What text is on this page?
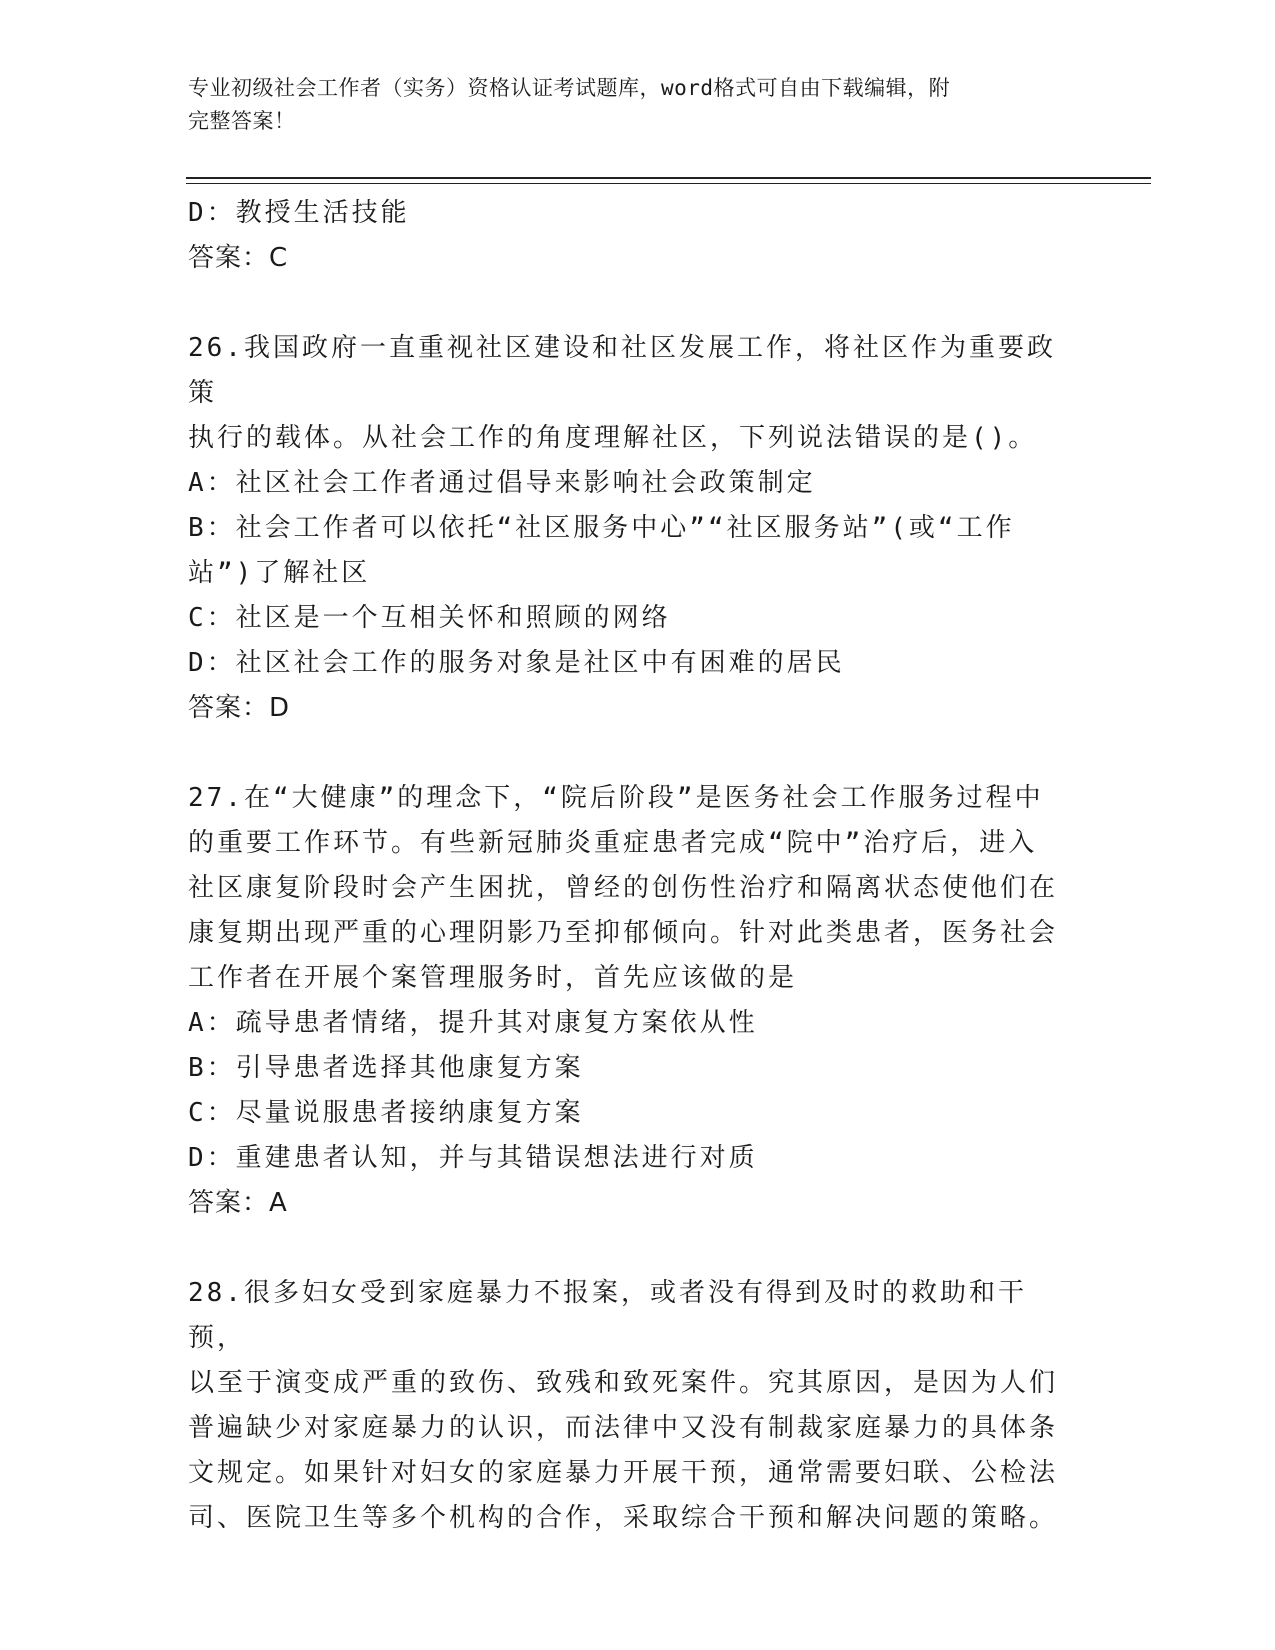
专业初级社会工作者（实务）资格认证考试题库，word格式可自由下载编辑，附
完整答案！
D：教授生活技能
答案：C
26.我国政府一直重视社区建设和社区发展工作，将社区作为重要政策
执行的载体。从社会工作的角度理解社区，下列说法错误的是()。
A：社区社会工作者通过倡导来影响社会政策制定
B：社会工作者可以依托“社区服务中心”“社区服务站”(或“工作
站”)了解社区
C：社区是一个互相关怀和照顾的网络
D：社区社会工作的服务对象是社区中有困难的居民
答案：D
27.在“大健康”的理念下，“院后阶段”是医务社会工作服务过程中
的重要工作环节。有些新冠肺炎重症患者完成“院中”治疗后，进入
社区康复阶段时会产生困扰，曾经的创伤性治疗和隔离状态使他们在
康复期出现严重的心理阴影乃至抑郁倾向。针对此类患者，医务社会
工作者在开展个案管理服务时，首先应该做的是
A：疏导患者情绪，提升其对康复方案依从性
B：引导患者选择其他康复方案
C：尽量说服患者接纳康复方案
D：重建患者认知，并与其错误想法进行对质
答案：A
28.很多妇女受到家庭暴力不报案，或者没有得到及时的救助和干预，
以至于演变成严重的致伤、致残和致死案件。究其原因，是因为人们
普遍缺少对家庭暴力的认识，而法律中又没有制裁家庭暴力的具体条
文规定。如果针对妇女的家庭暴力开展干预，通常需要妇联、公检法
司、医院卫生等多个机构的合作，采取综合干预和解决问题的策略。
